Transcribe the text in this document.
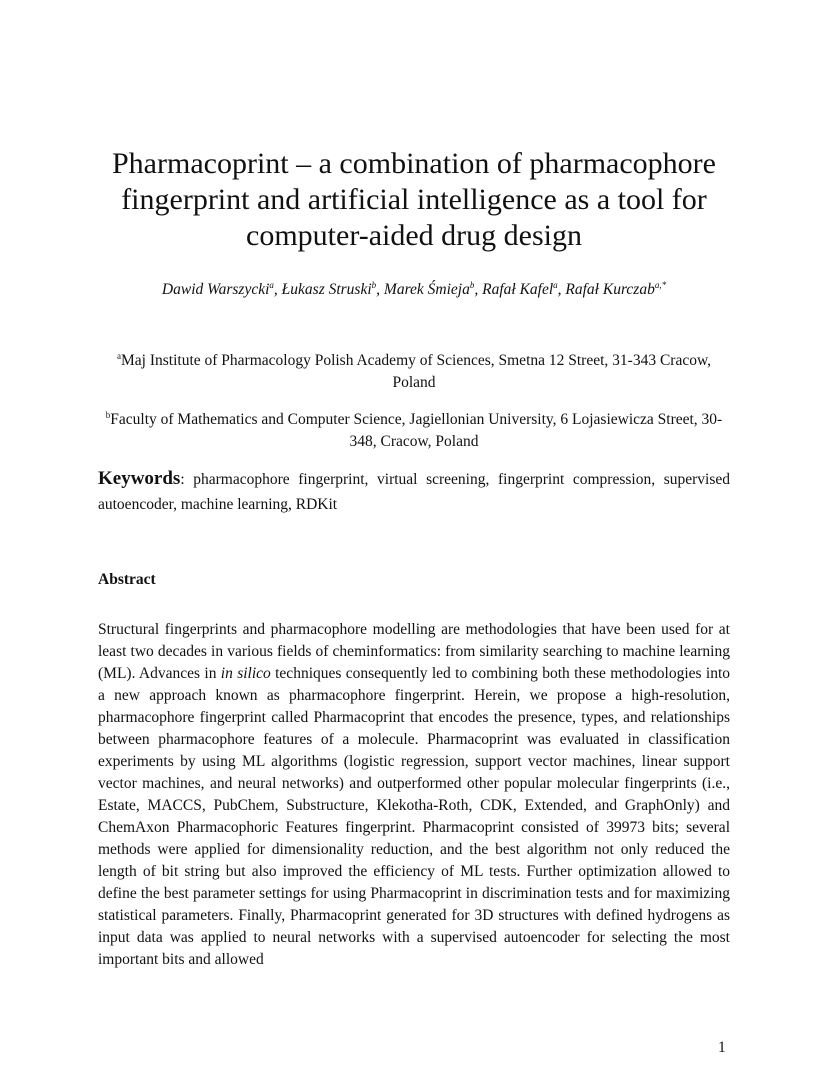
Pharmacoprint – a combination of pharmacophore fingerprint and artificial intelligence as a tool for computer-aided drug design
Dawid Warszycki$^a$, Łukasz Struski$^b$, Marek Śmieja$^b$, Rafał Kafel$^a$, Rafał Kurczab$^{a,*}$
$^a$Maj Institute of Pharmacology Polish Academy of Sciences, Smetna 12 Street, 31-343 Cracow, Poland
$^b$Faculty of Mathematics and Computer Science, Jagiellonian University, 6 Lojasiewicza Street, 30-348, Cracow, Poland
Keywords: pharmacophore fingerprint, virtual screening, fingerprint compression, supervised autoencoder, machine learning, RDKit
Abstract
Structural fingerprints and pharmacophore modelling are methodologies that have been used for at least two decades in various fields of cheminformatics: from similarity searching to machine learning (ML). Advances in in silico techniques consequently led to combining both these methodologies into a new approach known as pharmacophore fingerprint. Herein, we propose a high-resolution, pharmacophore fingerprint called Pharmacoprint that encodes the presence, types, and relationships between pharmacophore features of a molecule. Pharmacoprint was evaluated in classification experiments by using ML algorithms (logistic regression, support vector machines, linear support vector machines, and neural networks) and outperformed other popular molecular fingerprints (i.e., Estate, MACCS, PubChem, Substructure, Klekotha-Roth, CDK, Extended, and GraphOnly) and ChemAxon Pharmacophoric Features fingerprint. Pharmacoprint consisted of 39973 bits; several methods were applied for dimensionality reduction, and the best algorithm not only reduced the length of bit string but also improved the efficiency of ML tests. Further optimization allowed to define the best parameter settings for using Pharmacoprint in discrimination tests and for maximizing statistical parameters. Finally, Pharmacoprint generated for 3D structures with defined hydrogens as input data was applied to neural networks with a supervised autoencoder for selecting the most important bits and allowed
1
